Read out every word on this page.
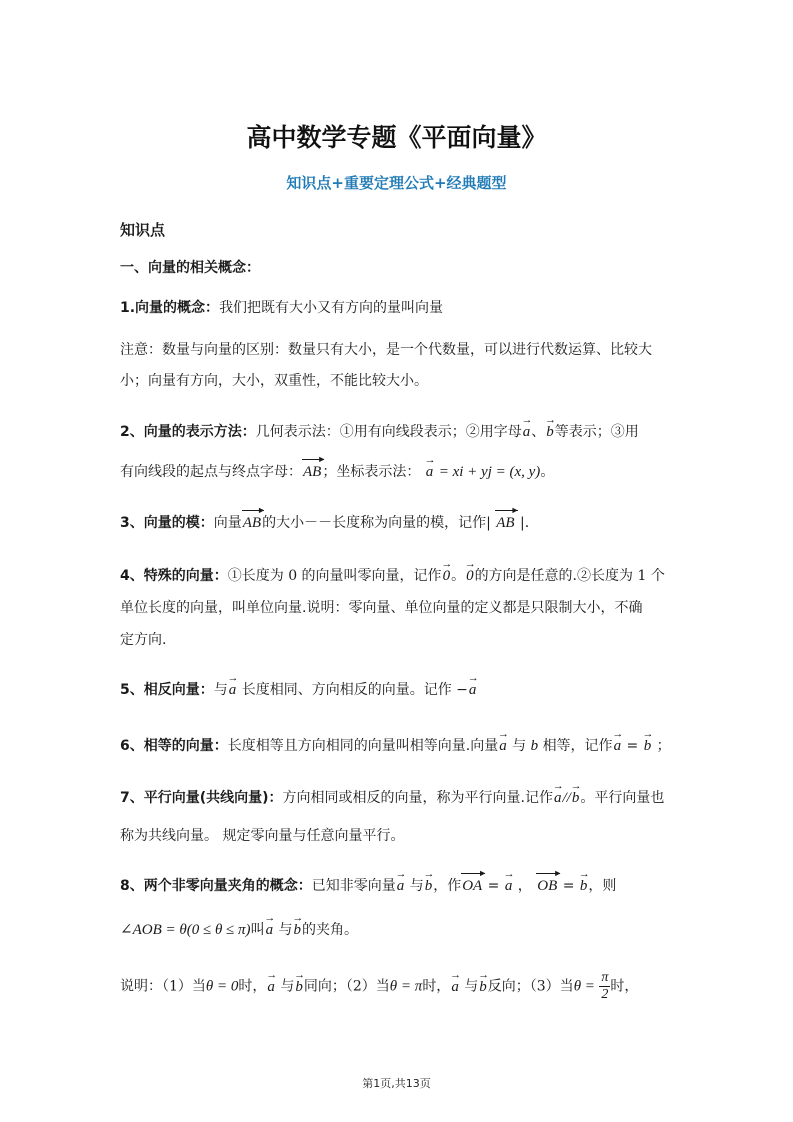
高中数学专题《平面向量》
知识点+重要定理公式+经典题型
知识点
一、向量的相关概念：
1.向量的概念：我们把既有大小又有方向的量叫向量
注意：数量与向量的区别：数量只有大小，是一个代数量，可以进行代数运算、比较大
小；向量有方向，大小，双重性，不能比较大小。
2、向量的表示方法：几何表示法：①用有向线段表示；②用字母→ a、→ b等表示；③用
有向线段的起点与终点字母：AB
►
；坐标表示法： → a = xi + yj = (x, y)。
3、向量的模：向量AB
►
的大小－－长度称为向量的模，记作| AB
►
|.
4、特殊的向量：①长度为 0 的向量叫零向量，记作→ 0。→ 0的方向是任意的.②长度为 1 个
单位长度的向量，叫单位向量.说明：零向量、单位向量的定义都是只限制大小，不确
定方向.
5、相反向量：与→ a 长度相同、方向相反的向量。记作 −→ a
6、相等的向量：长度相等且方向相同的向量叫相等向量.向量→ a 与 b 相等，记作→ a = → b ；
7、平行向量(共线向量)：方向相同或相反的向量，称为平行向量.记作→ a//→ b。平行向量也
称为共线向量。 规定零向量与任意向量平行。
8、两个非零向量夹角的概念：已知非零向量→ a 与→ b，作OA
►
= → a ， OB
►
= → b，则
∠AOB = θ(0 ≤ θ ≤ π)叫→ a 与→ b的夹角。
说明：（1）当θ = 0时，→ a 与→ b同向；（2）当θ = π时，→ a 与→ b反向；（3）当$\theta = \frac{\pi}{2}$ 时，
第1页,共13页
